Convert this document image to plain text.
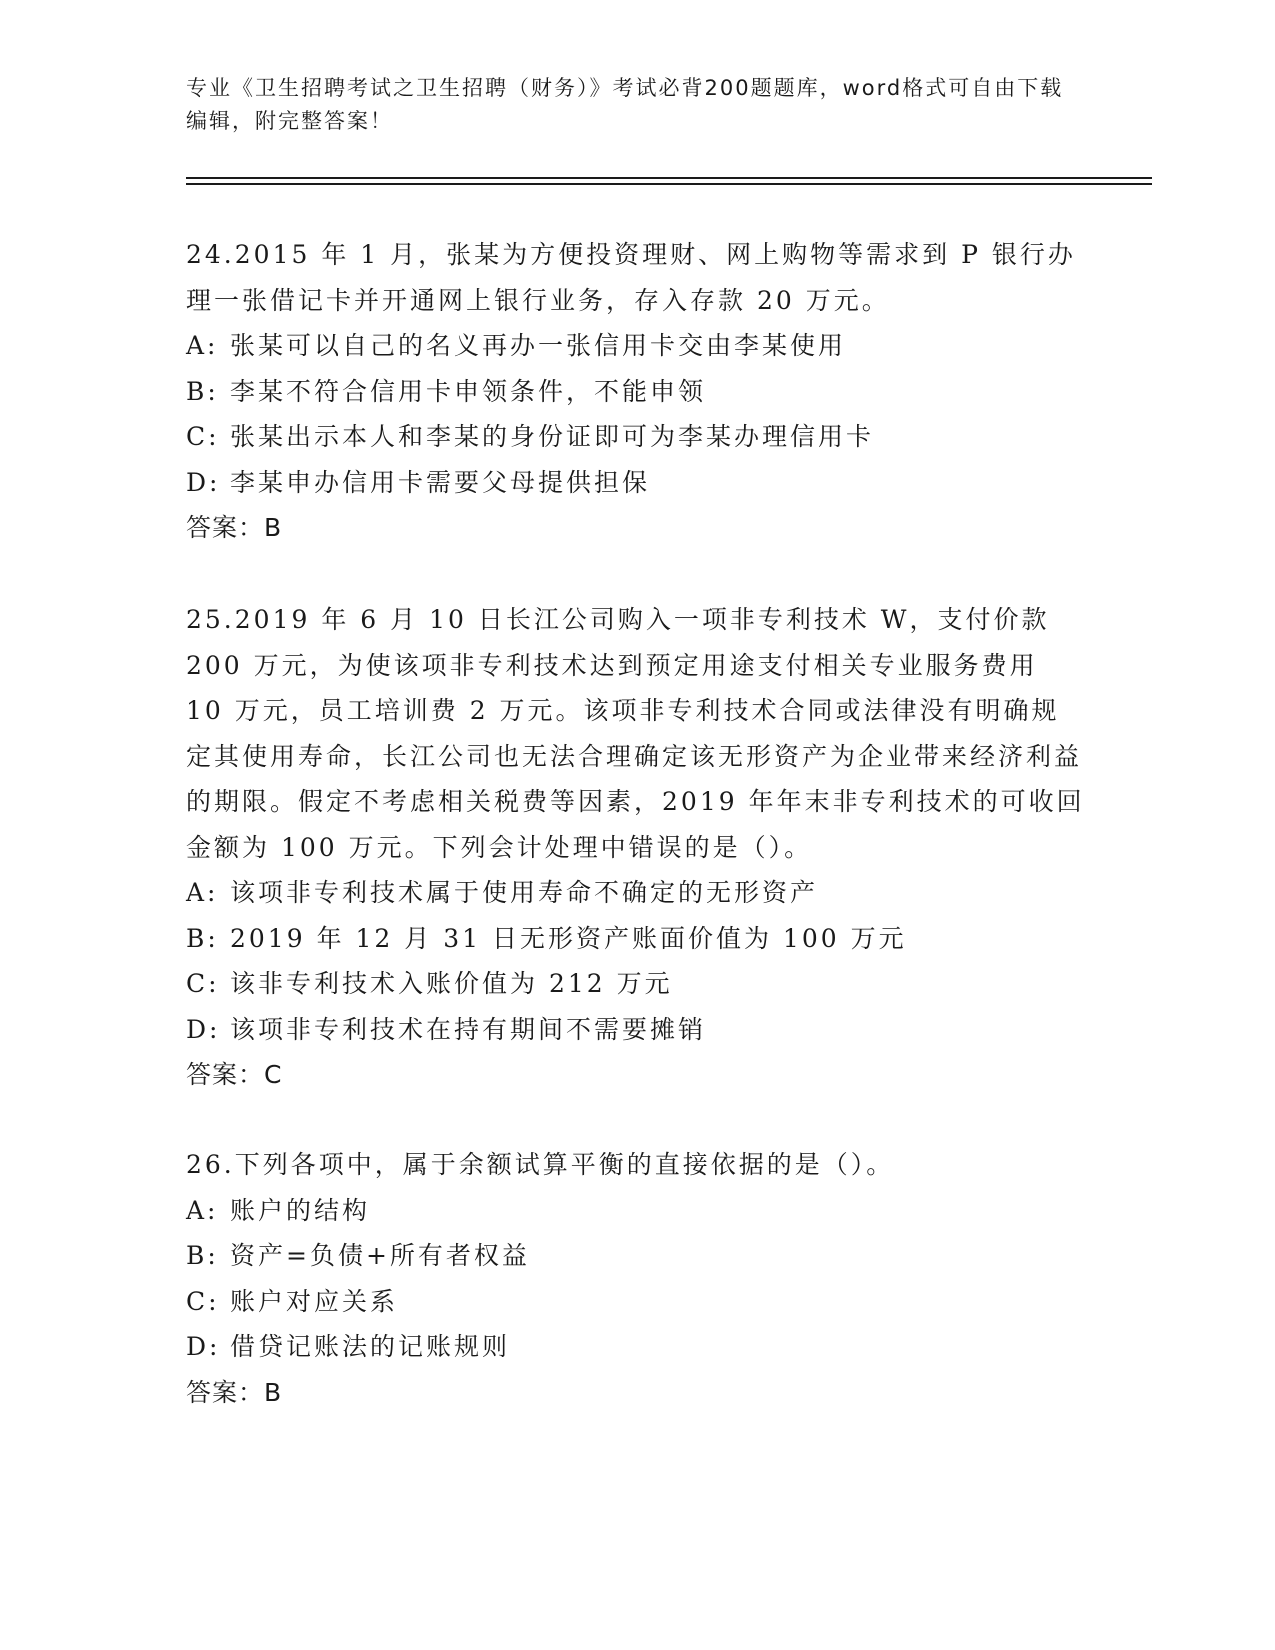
专业《卫生招聘考试之卫生招聘（财务）》考试必背200题题库，word格式可自由下载编辑，附完整答案！
24.2015 年 1 月，张某为方便投资理财、网上购物等需求到 P 银行办理一张借记卡并开通网上银行业务，存入存款 20 万元。
A: 张某可以自己的名义再办一张信用卡交由李某使用
B: 李某不符合信用卡申领条件，不能申领
C: 张某出示本人和李某的身份证即可为李某办理信用卡
D: 李某申办信用卡需要父母提供担保
答案：B
25.2019 年 6 月 10 日长江公司购入一项非专利技术 W，支付价款 200 万元，为使该项非专利技术达到预定用途支付相关专业服务费用 10 万元，员工培训费 2 万元。该项非专利技术合同或法律没有明确规定其使用寿命，长江公司也无法合理确定该无形资产为企业带来经济利益的期限。假定不考虑相关税费等因素，2019 年年末非专利技术的可收回金额为 100 万元。下列会计处理中错误的是（）。
A: 该项非专利技术属于使用寿命不确定的无形资产
B: 2019 年 12 月 31 日无形资产账面价值为 100 万元
C: 该非专利技术入账价值为 212 万元
D: 该项非专利技术在持有期间不需要摊销
答案：C
26.下列各项中，属于余额试算平衡的直接依据的是（）。
A: 账户的结构
B: 资产=负债+所有者权益
C: 账户对应关系
D: 借贷记账法的记账规则
答案：B
